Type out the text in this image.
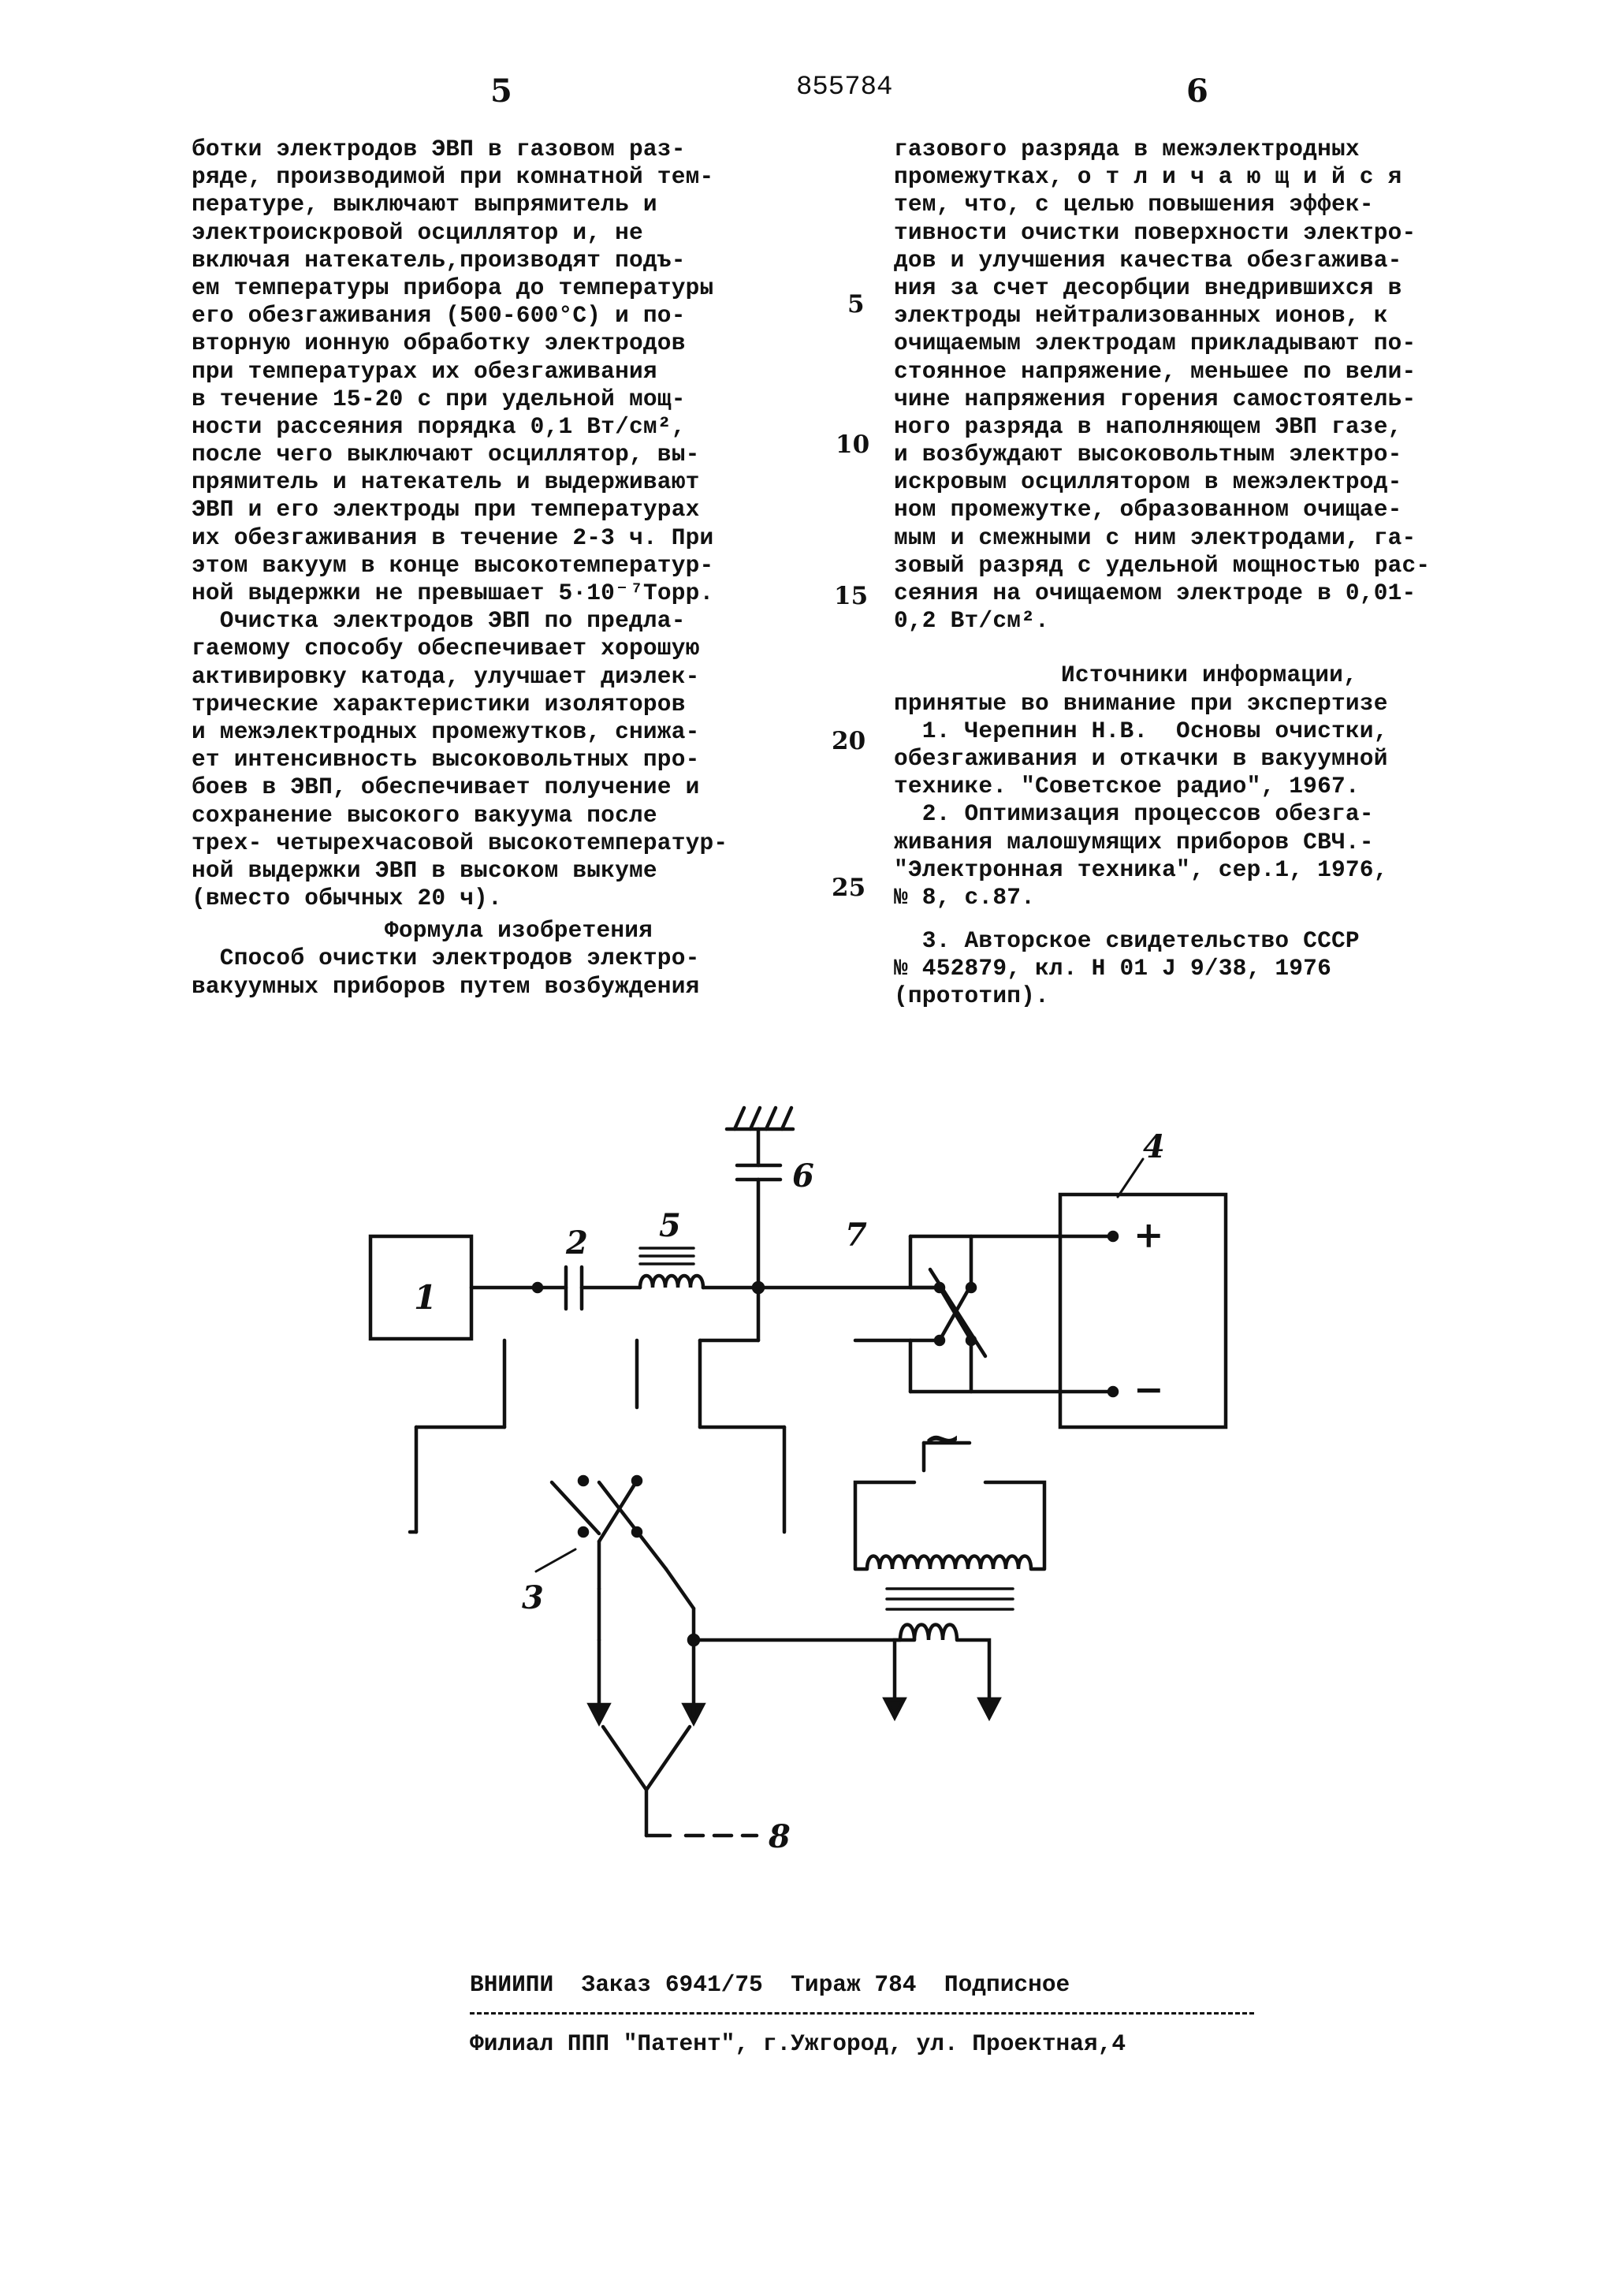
5	855784	6
ботки электродов ЭВП в газовом раз-
ряде, производимой при комнатной тем-
пературе, выключают выпрямитель и
электроискровой осциллятор и, не
включая натекатель,производят подъ-
ем температуры прибора до температуры
его обезгаживания (500-600°С) и по-
вторную ионную обработку электродов
при температурах их обезгаживания
в течение 15-20 с при удельной мощ-
ности рассеяния порядка 0,1 Вт/см²,
после чего выключают осциллятор, вы-
прямитель и натекатель и выдерживают
ЭВП и его электроды при температурах
их обезгаживания в течение 2-3 ч. При
этом вакуум в конце высокотемператур-
ной выдержки не превышает 5·10⁻⁷Торр.
Очистка электродов ЭВП по предла-
гаемому способу обеспечивает хорошую
активировку катода, улучшает диэлек-
трические характеристики изоляторов
и межэлектродных промежутков, снижа-
ет интенсивность высоковольтных про-
боев в ЭВП, обеспечивает получение и
сохранение высокого вакуума после
трех- четырехчасовой высокотемператур-
ной выдержки ЭВП в высоком выкуме
(вместо обычных 20 ч).
Формула изобретения
Способ очистки электродов электро-
вакуумных приборов путем возбуждения
5
10
15
20
25
газового разряда в межэлектродных
промежутках, о т л и ч а ю щ и й с я
тем, что, с целью повышения эффек-
тивности очистки поверхности электро-
дов и улучшения качества обезгажива-
ния за счет десорбции внедрившихся в
электроды нейтрализованных ионов, к
очищаемым электродам прикладывают по-
стоянное напряжение, меньшее по вели-
чине напряжения горения самостоятель-
ного разряда в наполняющем ЭВП газе,
и возбуждают высоковольтным электро-
искровым осциллятором в межэлектрод-
ном промежутке, образованном очищае-
мым и смежными с ним электродами, га-
зовый разряд с удельной мощностью рас-
сеяния на очищаемом электроде в 0,01-
0,2 Вт/см².
Источники информации,
принятые во внимание при экспертизе
1. Черепнин Н.В.  Основы очистки,
обезгаживания и откачки в вакуумной
технике. "Советское радио", 1967.
2. Оптимизация процессов обезга-
живания малошумящих приборов СВЧ.-
"Электронная техника", сер.1, 1976,
№ 8, с.87.
3. Авторское свидетельство СССР
№ 452879, кл. Н 01 J 9/38, 1976
(прототип).
1
2 5
6
7	+
−
4
3
8
∼
ВНИИПИ  Заказ 6941/75  Тираж 784  Подписное
Филиал ППП "Патент", г.Ужгород, ул. Проектная,4
